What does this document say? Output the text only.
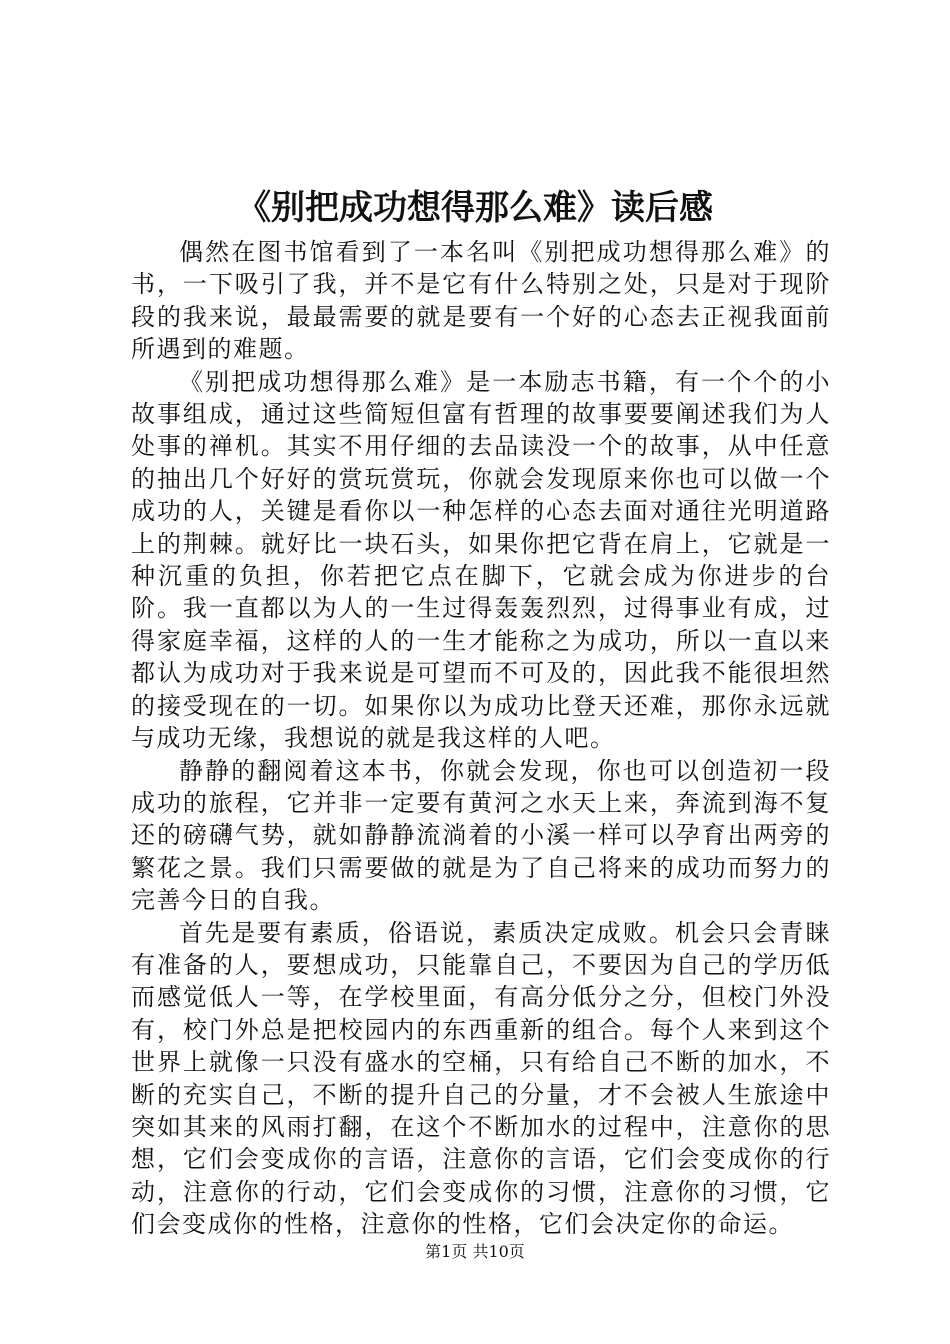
《别把成功想得那么难》读后感

偶然在图书馆看到了一本名叫《别把成功想得那么难》的书，一下吸引了我，并不是它有什么特别之处，只是对于现阶段的我来说，最最需要的就是要有一个好的心态去正视我面前所遇到的难题。

《别把成功想得那么难》是一本励志书籍，有一个个的小故事组成，通过这些简短但富有哲理的故事要要阐述我们为人处事的禅机。其实不用仔细的去品读没一个的故事，从中任意的抽出几个好好的赏玩赏玩，你就会发现原来你也可以做一个成功的人，关键是看你以一种怎样的心态去面对通往光明道路上的荆棘。就好比一块石头，如果你把它背在肩上，它就是一种沉重的负担，你若把它点在脚下，它就会成为你进步的台阶。我一直都以为人的一生过得轰轰烈烈，过得事业有成，过得家庭幸福，这样的人的一生才能称之为成功，所以一直以来都认为成功对于我来说是可望而不可及的，因此我不能很坦然的接受现在的一切。如果你以为成功比登天还难，那你永远就与成功无缘，我想说的就是我这样的人吧。

静静的翻阅着这本书，你就会发现，你也可以创造初一段成功的旅程，它并非一定要有黄河之水天上来，奔流到海不复还的磅礴气势，就如静静流淌着的小溪一样可以孕育出两旁的繁花之景。我们只需要做的就是为了自己将来的成功而努力的完善今日的自我。

首先是要有素质，俗语说，素质决定成败。机会只会青睐有准备的人，要想成功，只能靠自己，不要因为自己的学历低而感觉低人一等，在学校里面，有高分低分之分，但校门外没有，校门外总是把校园内的东西重新的组合。每个人来到这个世界上就像一只没有盛水的空桶，只有给自己不断的加水，不断的充实自己，不断的提升自己的分量，才不会被人生旅途中突如其来的风雨打翻，在这个不断加水的过程中，注意你的思想，它们会变成你的言语，注意你的言语，它们会变成你的行动，注意你的行动，它们会变成你的习惯，注意你的习惯，它们会变成你的性格，注意你的性格，它们会决定你的命运。

第1页 共10页
